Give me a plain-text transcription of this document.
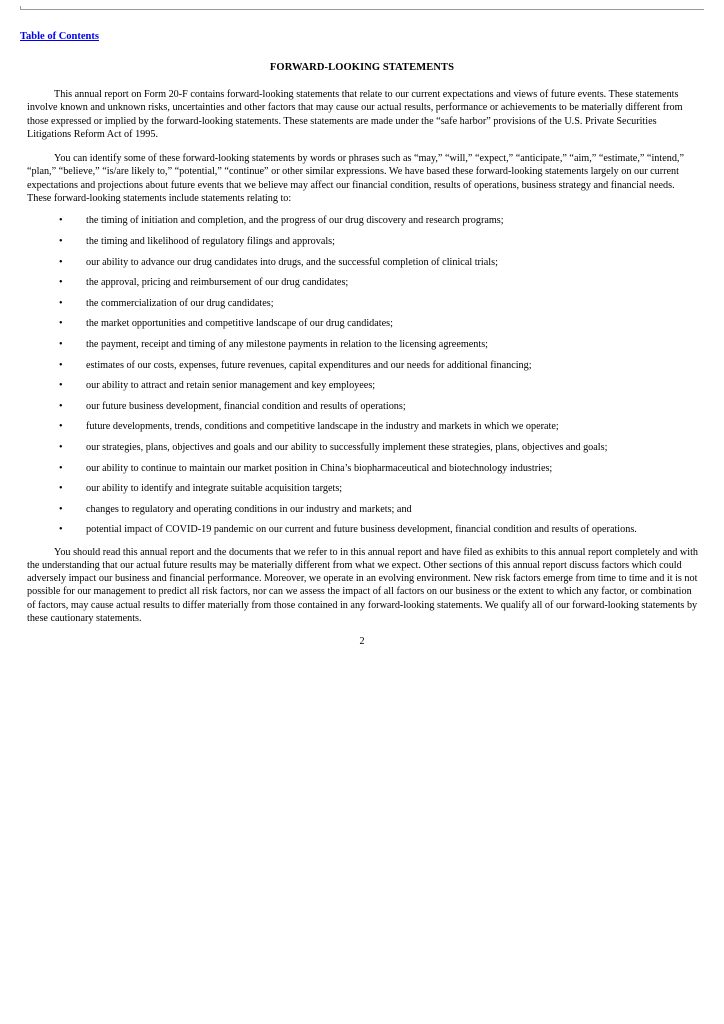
Table of Contents
FORWARD-LOOKING STATEMENTS

This annual report on Form 20-F contains forward-looking statements that relate to our current expectations and views of future events. These statements involve known and unknown risks, uncertainties and other factors that may cause our actual results, performance or achievements to be materially different from those expressed or implied by the forward-looking statements. These statements are made under the “safe harbor” provisions of the U.S. Private Securities Litigations Reform Act of 1995.

You can identify some of these forward-looking statements by words or phrases such as “may,” “will,” “expect,” “anticipate,” “aim,” “estimate,” “intend,” “plan,” “believe,” “is/are likely to,” “potential,” “continue” or other similar expressions. We have based these forward-looking statements largely on our current expectations and projections about future events that we believe may affect our financial condition, results of operations, business strategy and financial needs. These forward-looking statements include statements relating to:

• the timing of initiation and completion, and the progress of our drug discovery and research programs;
• the timing and likelihood of regulatory filings and approvals;
• our ability to advance our drug candidates into drugs, and the successful completion of clinical trials;
• the approval, pricing and reimbursement of our drug candidates;
• the commercialization of our drug candidates;
• the market opportunities and competitive landscape of our drug candidates;
• the payment, receipt and timing of any milestone payments in relation to the licensing agreements;
• estimates of our costs, expenses, future revenues, capital expenditures and our needs for additional financing;
• our ability to attract and retain senior management and key employees;
• our future business development, financial condition and results of operations;
• future developments, trends, conditions and competitive landscape in the industry and markets in which we operate;
• our strategies, plans, objectives and goals and our ability to successfully implement these strategies, plans, objectives and goals;
• our ability to continue to maintain our market position in China’s biopharmaceutical and biotechnology industries;
• our ability to identify and integrate suitable acquisition targets;
• changes to regulatory and operating conditions in our industry and markets; and
• potential impact of COVID-19 pandemic on our current and future business development, financial condition and results of operations.

You should read this annual report and the documents that we refer to in this annual report and have filed as exhibits to this annual report completely and with the understanding that our actual future results may be materially different from what we expect. Other sections of this annual report discuss factors which could adversely impact our business and financial performance. Moreover, we operate in an evolving environment. New risk factors emerge from time to time and it is not possible for our management to predict all risk factors, nor can we assess the impact of all factors on our business or the extent to which any factor, or combination of factors, may cause actual results to differ materially from those contained in any forward-looking statements. We qualify all of our forward-looking statements by these cautionary statements.

2
